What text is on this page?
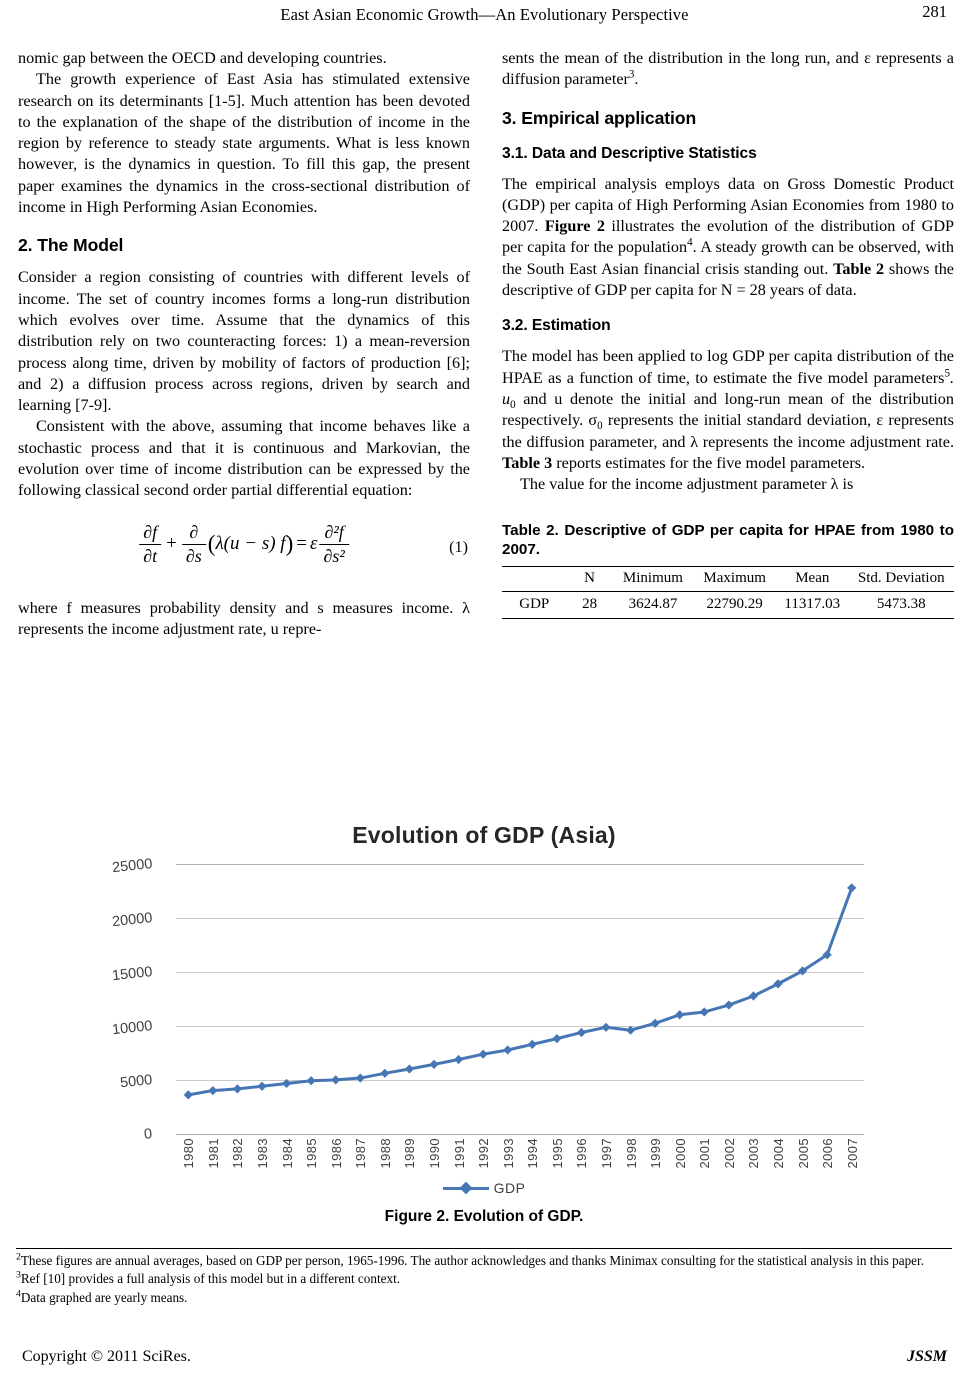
East Asian Economic Growth—An Evolutionary Perspective	281

nomic gap between the OECD and developing countries.

The growth experience of East Asia has stimulated extensive research on its determinants [1-5]. Much attention has been devoted to the explanation of the shape of the distribution of income in the region by reference to steady state arguments. What is less known however, is the dynamics in question. To fill this gap, the present paper examines the dynamics in the cross-sectional distribution of income in High Performing Asian Economies.

2. The Model

Consider a region consisting of countries with different levels of income. The set of country incomes forms a long-run distribution which evolves over time. Assume that the dynamics of this distribution rely on two counteracting forces: 1) a mean-reversion process along time, driven by mobility of factors of production [6]; and 2) a diffusion process across regions, driven by search and learning [7-9].

Consistent with the above, assuming that income behaves like a stochastic process and that it is continuous and Markovian, the evolution over time of income distribution can be expressed by the following classical second order partial differential equation:

$\frac{\partial f}{\partial t} + \frac{\partial}{\partial s}$ ( λ(u − s) f ) = ε $\frac{\text{∂²f}}{\text{∂s²}}$	(1)

where f measures probability density and s measures income. λ represents the income adjustment rate, u repre-

sents the mean of the distribution in the long run, and ε represents a diffusion parameter$^3$.

3. Empirical application
3.1. Data and Descriptive Statistics

The empirical analysis employs data on Gross Domestic Product (GDP) per capita of High Performing Asian Economies from 1980 to 2007. Figure 2 illustrates the evolution of the distribution of GDP per capita for the population$^4$. A steady growth can be observed, with the South East Asian financial crisis standing out. Table 2 shows the descriptive of GDP per capita for N = 28 years of data.

3.2. Estimation

The model has been applied to log GDP per capita distribution of the HPAE as a function of time, to estimate the five model parameters$^5$. $u_0$ and u denote the initial and long-run mean of the distribution respectively. $\sigma_0$ represents the initial standard deviation, ε represents the diffusion parameter, and λ represents the income adjustment rate. Table 3 reports estimates for the five model parameters.

The value for the income adjustment parameter λ is

Table 2. Descriptive of GDP per capita for HPAE from 1980 to 2007.
	N	Minimum	Maximum	Mean	Std. Deviation
GDP	28	3624.87	22790.29	11317.03	5473.38
Evolution of GDP (Asia)
0
5000
10000
15000
20000
25000
1980 1981 1982 1983 1984 1985 1986 1987 1988 1989 1990 1991 1992 1993 1994 1995 1996 1997 1998 1999 2000 2001 2002 2003 2004 2005 2006 2007
GDP
Figure 2. Evolution of GDP.

$^2$These figures are annual averages, based on GDP per person, 1965-1996. The author acknowledges and thanks Minimax consulting for the statistical analysis in this paper.

$^3$Ref [10] provides a full analysis of this model but in a different context.

$^4$Data graphed are yearly means.

Copyright © 2011 SciRes.	JSSM
